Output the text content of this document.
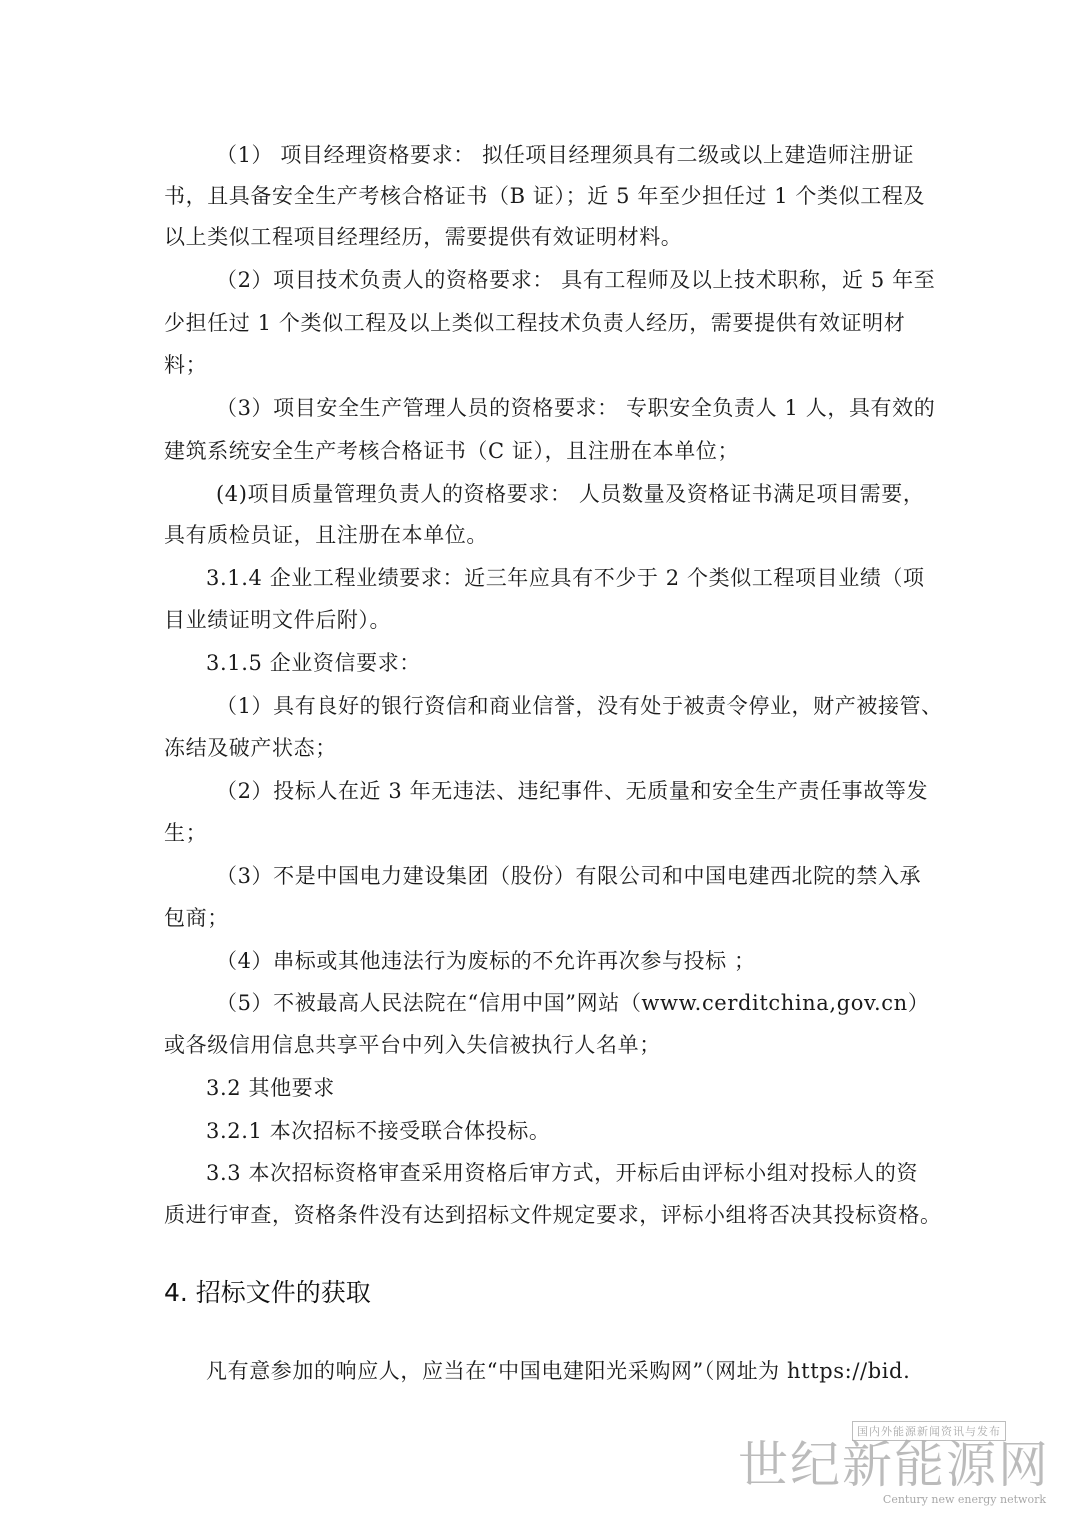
（1） 项目经理资格要求： 拟任项目经理须具有二级或以上建造师注册证
书，且具备安全生产考核合格证书（B 证）；近 5 年至少担任过 1 个类似工程及
以上类似工程项目经理经历，需要提供有效证明材料。
（2）项目技术负责人的资格要求： 具有工程师及以上技术职称，近 5 年至
少担任过 1 个类似工程及以上类似工程技术负责人经历，需要提供有效证明材
料；
（3）项目安全生产管理人员的资格要求： 专职安全负责人 1 人，具有效的
建筑系统安全生产考核合格证书（C 证），且注册在本单位；
(4)项目质量管理负责人的资格要求： 人员数量及资格证书满足项目需要，
具有质检员证，且注册在本单位。
3.1.4 企业工程业绩要求：近三年应具有不少于 2 个类似工程项目业绩（项
目业绩证明文件后附）。
3.1.5 企业资信要求：
（1）具有良好的银行资信和商业信誉，没有处于被责令停业，财产被接管、
冻结及破产状态；
（2）投标人在近 3 年无违法、违纪事件、无质量和安全生产责任事故等发
生；
（3）不是中国电力建设集团（股份）有限公司和中国电建西北院的禁入承
包商；
（4）串标或其他违法行为废标的不允许再次参与投标 ；
（5）不被最高人民法院在“信用中国”网站（www.cerditchina,gov.cn）
或各级信用信息共享平台中列入失信被执行人名单；
3.2 其他要求
3.2.1 本次招标不接受联合体投标。
3.3 本次招标资格审查采用资格后审方式，开标后由评标小组对投标人的资
质进行审查，资格条件没有达到招标文件规定要求，评标小组将否决其投标资格。
4. 招标文件的获取
凡有意参加的响应人，应当在“中国电建阳光采购网”（网址为 https://bid.
国内外能源新闻资讯与发布
世纪新能源网
Century new energy network
